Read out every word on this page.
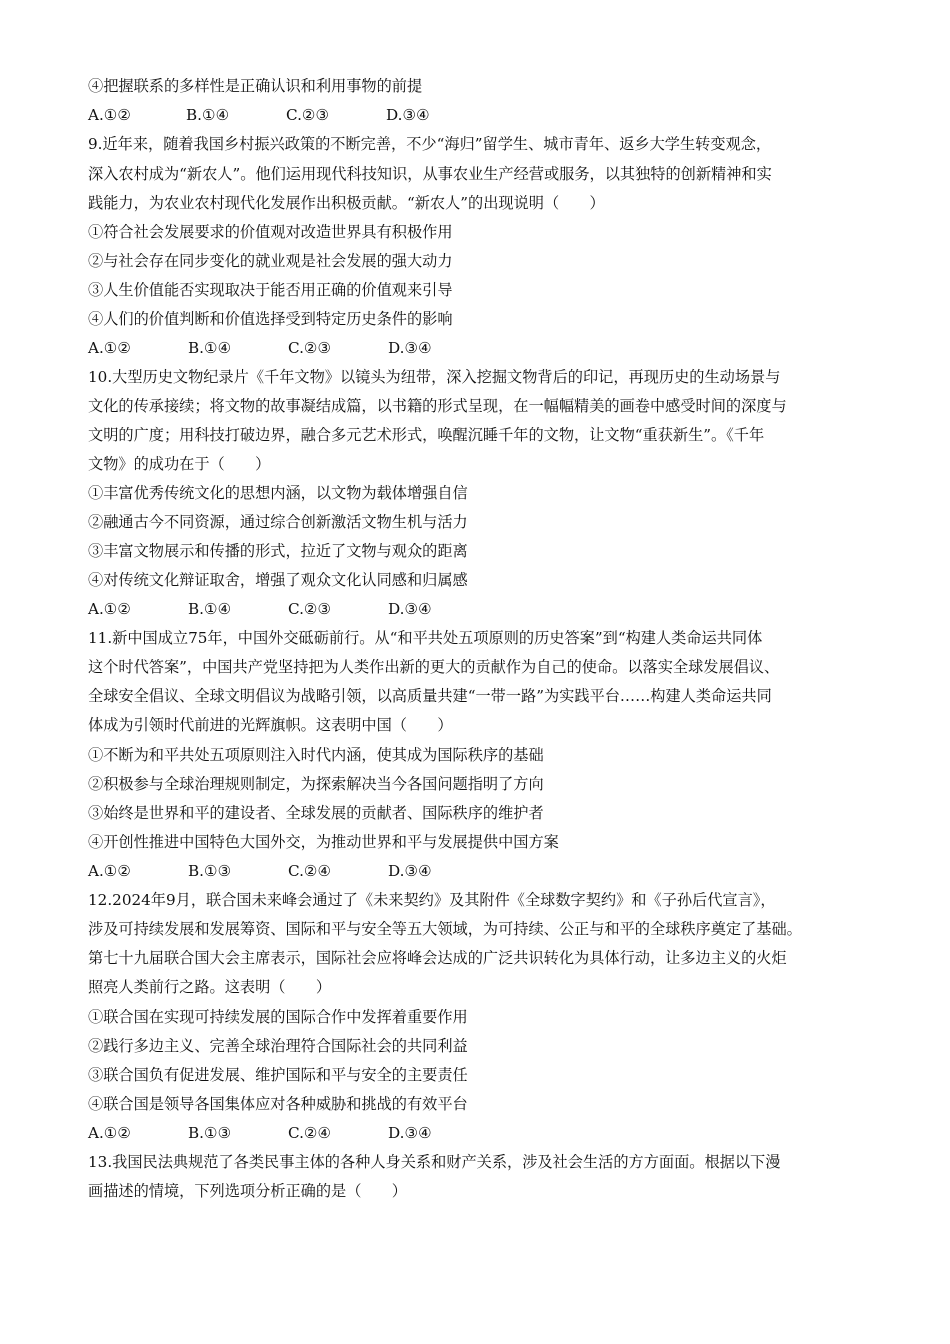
④把握联系的多样性是正确认识和利用事物的前提
A.①②	B.①④	C.②③	D.③④
9.近年来，随着我国乡村振兴政策的不断完善，不少“海归”留学生、城市青年、返乡大学生转变观念，
深入农村成为“新农人”。他们运用现代科技知识，从事农业生产经营或服务，以其独特的创新精神和实
践能力，为农业农村现代化发展作出积极贡献。“新农人”的出现说明（　　）
①符合社会发展要求的价值观对改造世界具有积极作用
②与社会存在同步变化的就业观是社会发展的强大动力
③人生价值能否实现取决于能否用正确的价值观来引导
④人们的价值判断和价值选择受到特定历史条件的影响
A.①②	B.①④	C.②③	D.③④
10.大型历史文物纪录片《千年文物》以镜头为纽带，深入挖掘文物背后的印记，再现历史的生动场景与
文化的传承接续；将文物的故事凝结成篇，以书籍的形式呈现，在一幅幅精美的画卷中感受时间的深度与
文明的广度；用科技打破边界，融合多元艺术形式，唤醒沉睡千年的文物，让文物“重获新生”。《千年
文物》的成功在于（　　）
①丰富优秀传统文化的思想内涵，以文物为载体增强自信
②融通古今不同资源，通过综合创新激活文物生机与活力
③丰富文物展示和传播的形式，拉近了文物与观众的距离
④对传统文化辩证取舍，增强了观众文化认同感和归属感
A.①②	B.①④	C.②③	D.③④
11.新中国成立75年，中国外交砥砺前行。从“和平共处五项原则的历史答案”到“构建人类命运共同体
这个时代答案”，中国共产党坚持把为人类作出新的更大的贡献作为自己的使命。以落实全球发展倡议、
全球安全倡议、全球文明倡议为战略引领，以高质量共建“一带一路”为实践平台……构建人类命运共同
体成为引领时代前进的光辉旗帜。这表明中国（　　）
①不断为和平共处五项原则注入时代内涵，使其成为国际秩序的基础
②积极参与全球治理规则制定，为探索解决当今各国问题指明了方向
③始终是世界和平的建设者、全球发展的贡献者、国际秩序的维护者
④开创性推进中国特色大国外交，为推动世界和平与发展提供中国方案
A.①②	B.①③	C.②④	D.③④
12.2024年9月，联合国未来峰会通过了《未来契约》及其附件《全球数字契约》和《子孙后代宣言》，
涉及可持续发展和发展筹资、国际和平与安全等五大领域，为可持续、公正与和平的全球秩序奠定了基础。
第七十九届联合国大会主席表示，国际社会应将峰会达成的广泛共识转化为具体行动，让多边主义的火炬
照亮人类前行之路。这表明（　　）
①联合国在实现可持续发展的国际合作中发挥着重要作用
②践行多边主义、完善全球治理符合国际社会的共同利益
③联合国负有促进发展、维护国际和平与安全的主要责任
④联合国是领导各国集体应对各种威胁和挑战的有效平台
A.①②	B.①③	C.②④	D.③④
13.我国民法典规范了各类民事主体的各种人身关系和财产关系，涉及社会生活的方方面面。根据以下漫
画描述的情境，下列选项分析正确的是（　　）
